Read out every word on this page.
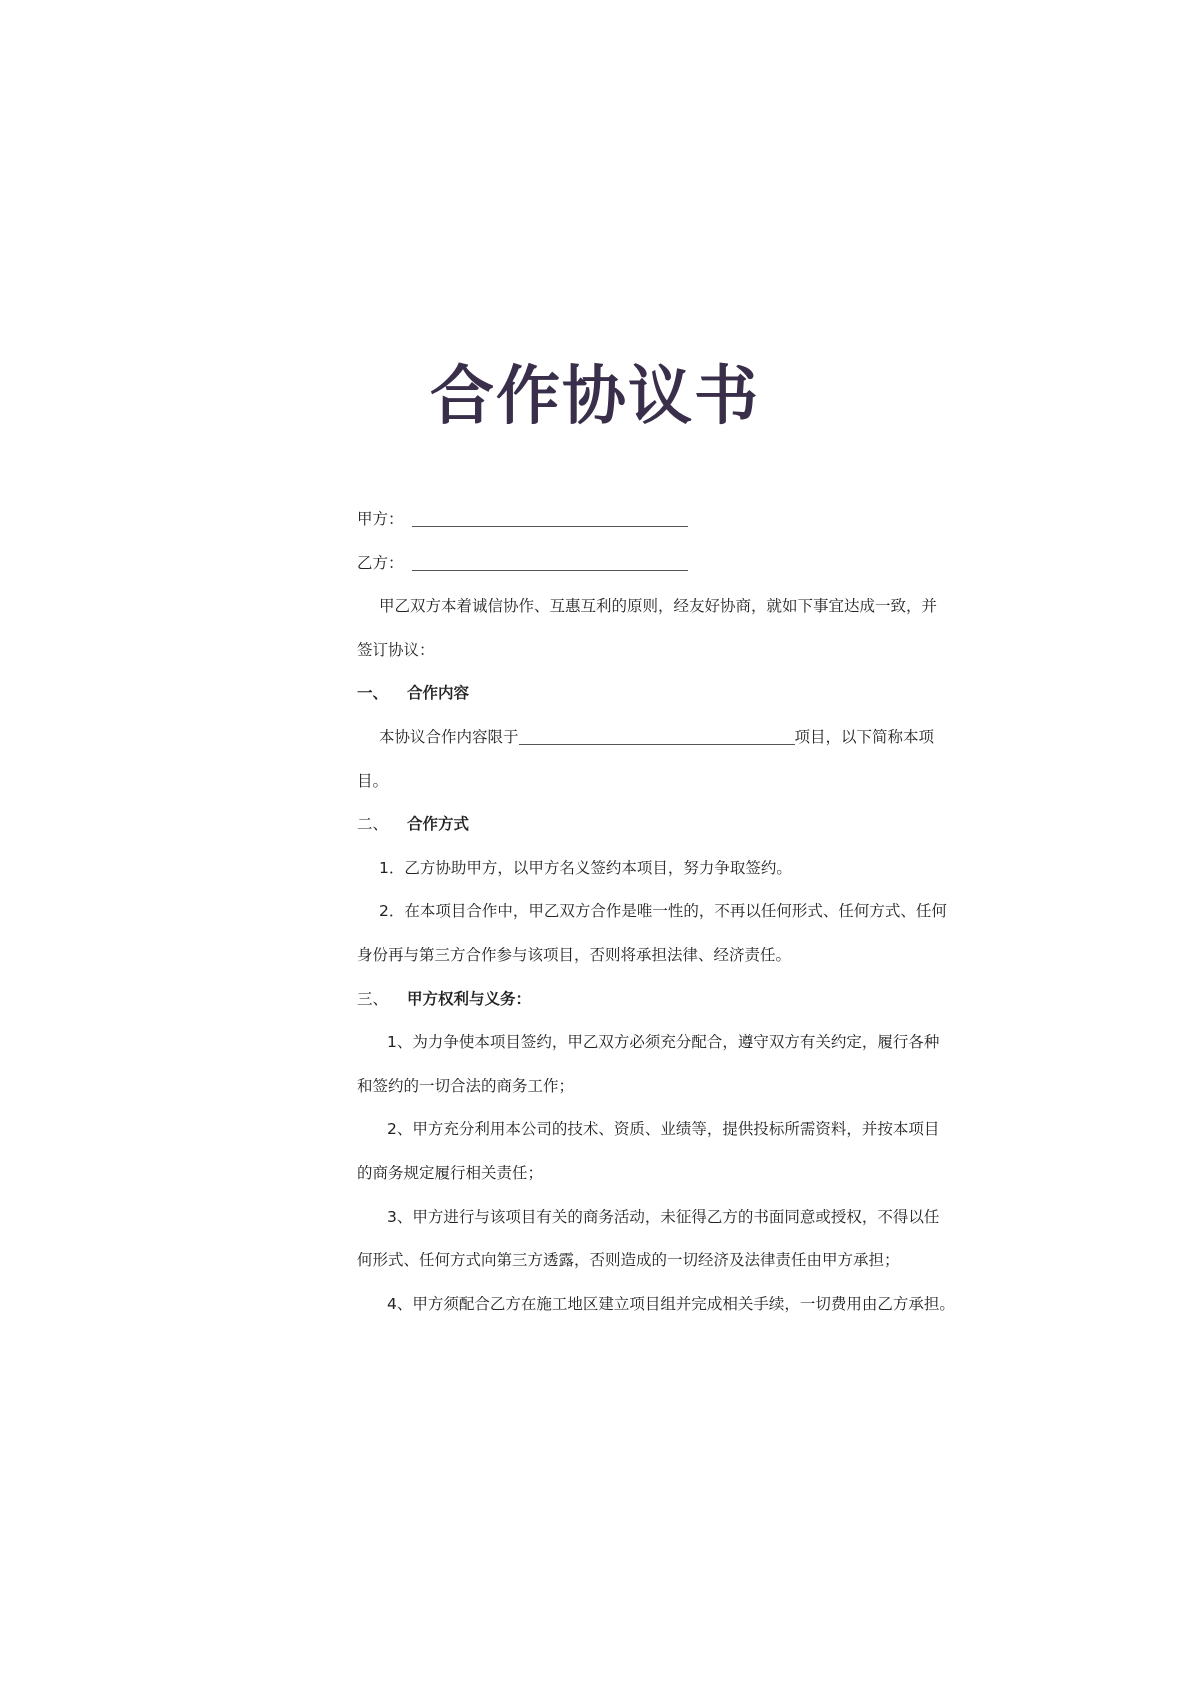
合作协议书
甲方：
乙方：
甲乙双方本着诚信协作、互惠互利的原则，经友好协商，就如下事宜达成一致，并
签订协议：
一、 合作内容
本协议合作内容限于	项目，以下简称本项
目。
二、 合作方式
1．乙方协助甲方，以甲方名义签约本项目，努力争取签约。
2．在本项目合作中，甲乙双方合作是唯一性的，不再以任何形式、任何方式、任何
身份再与第三方合作参与该项目，否则将承担法律、经济责任。
三、 甲方权利与义务：
1、为力争使本项目签约，甲乙双方必须充分配合，遵守双方有关约定，履行各种
和签约的一切合法的商务工作；
2、甲方充分利用本公司的技术、资质、业绩等，提供投标所需资料，并按本项目
的商务规定履行相关责任；
3、甲方进行与该项目有关的商务活动，未征得乙方的书面同意或授权，不得以任
何形式、任何方式向第三方透露，否则造成的一切经济及法律责任由甲方承担；
4、甲方须配合乙方在施工地区建立项目组并完成相关手续，一切费用由乙方承担。
